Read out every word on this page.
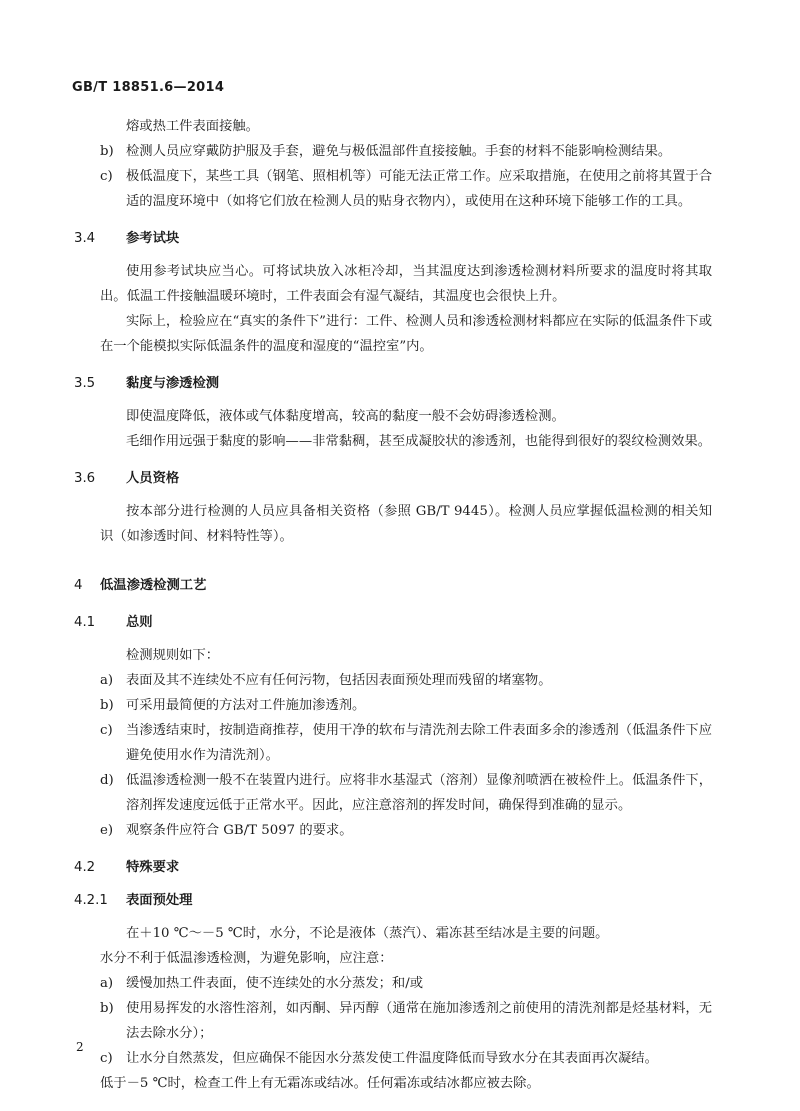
GB/T 18851.6—2014

熔或热工件表面接触。

b) 检测人员应穿戴防护服及手套，避免与极低温部件直接接触。手套的材料不能影响检测结果。
c)	极低温度下，某些工具（钢笔、照相机等）可能无法正常工作。应采取措施，在使用之前将其置于合适的温度环境中（如将它们放在检测人员的贴身衣物内），或使用在这种环境下能够工作的工具。
3.4 参考试块

使用参考试块应当心。可将试块放入冰柜冷却，当其温度达到渗透检测材料所要求的温度时将其取出。低温工件接触温暖环境时，工件表面会有湿气凝结，其温度也会很快上升。

实际上，检验应在“真实的条件下”进行：工件、检测人员和渗透检测材料都应在实际的低温条件下或在一个能模拟实际低温条件的温度和湿度的“温控室”内。

3.5 黏度与渗透检测

即使温度降低，液体或气体黏度增高，较高的黏度一般不会妨碍渗透检测。

毛细作用远强于黏度的影响——非常黏稠，甚至成凝胶状的渗透剂，也能得到很好的裂纹检测效果。

3.6 人员资格

按本部分进行检测的人员应具备相关资格（参照 GB/T 9445）。检测人员应掌握低温检测的相关知识（如渗透时间、材料特性等）。

4 低温渗透检测工艺
4.1 总则

检测规则如下：

a) 表面及其不连续处不应有任何污物，包括因表面预处理而残留的堵塞物。
b) 可采用最简便的方法对工件施加渗透剂。
c)	当渗透结束时，按制造商推荐，使用干净的软布与清洗剂去除工件表面多余的渗透剂（低温条件下应避免使用水作为清洗剂）。
d) 低温渗透检测一般不在装置内进行。应将非水基湿式（溶剂）显像剂喷洒在被检件上。低温条件下，溶剂挥发速度远低于正常水平。因此，应注意溶剂的挥发时间，确保得到准确的显示。
e) 观察条件应符合 GB/T 5097 的要求。
4.2 特殊要求
4.2.1 表面预处理

在＋10 ℃～－5 ℃时，水分，不论是液体（蒸汽）、霜冻甚至结冰是主要的问题。

水分不利于低温渗透检测，为避免影响，应注意：

a) 缓慢加热工件表面，使不连续处的水分蒸发；和/或
b) 使用易挥发的水溶性溶剂，如丙酮、异丙醇（通常在施加渗透剂之前使用的清洗剂都是烃基材料，无法去除水分）；
c)	让水分自然蒸发，但应确保不能因水分蒸发使工件温度降低而导致水分在其表面再次凝结。

低于－5 ℃时，检查工件上有无霜冻或结冰。任何霜冻或结冰都应被去除。

2
